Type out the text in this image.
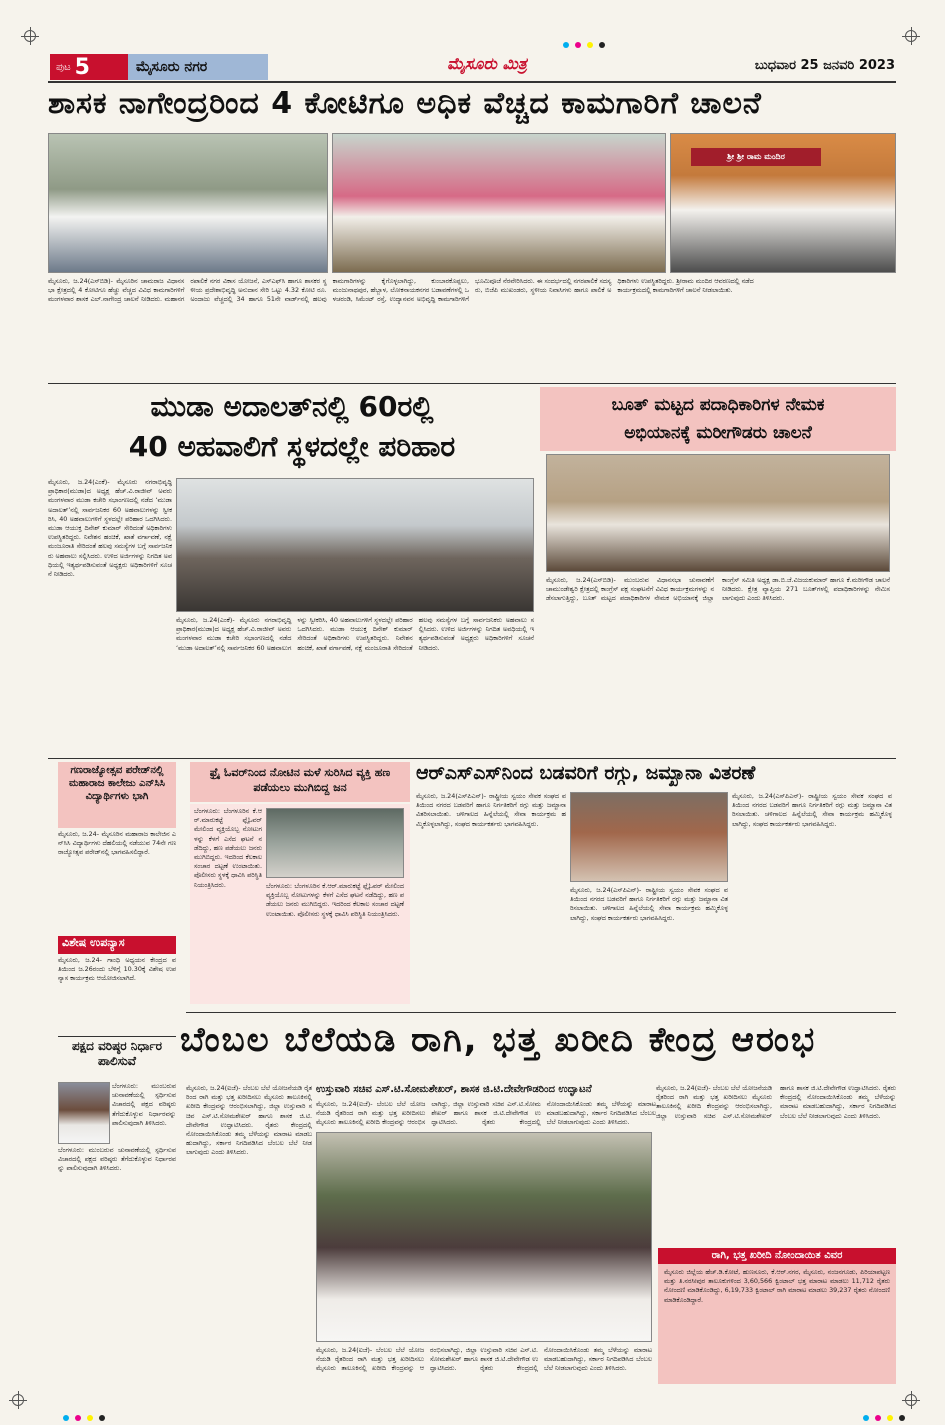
ಪುಟ 5	ಮೈಸೂರು ನಗರ	ಮೈಸೂರು ಮಿತ್ರ	ಬುಧವಾರ 25 ಜನವರಿ 2023
ಶಾಸಕ ನಾಗೇಂದ್ರರಿಂದ 4 ಕೋಟಿಗೂ ಅಧಿಕ ವೆಚ್ಚದ ಕಾಮಗಾರಿಗೆ ಚಾಲನೆ
ಶ್ರೀ ಶ್ರೀ ರಾಮ ಮಂದಿರ
ಮೈಸೂರು, ಜ.24(ಎಸ್‌ಬಿಡಿ)- ಮೈಸೂರಿನ ಚಾಮರಾಜ ವಿಧಾನಸಭಾ ಕ್ಷೇತ್ರದಲ್ಲಿ 4 ಕೋಟಿಗೂ ಹೆಚ್ಚು ವೆಚ್ಚದ ವಿವಿಧ ಕಾಮಗಾರಿಗಳಿಗೆ ಮಂಗಳವಾರ ಶಾಸಕ ಎಲ್.ನಾಗೇಂದ್ರ ಚಾಲನೆ ನೀಡಿದರು. ಮಹಾನಗರಪಾಲಿಕೆ ನಗರ ವಿಕಾಸ ಯೋಜನೆ, ಎಸ್‌ಎಫ್‌ಸಿ ಹಾಗೂ ಶಾಸಕರ ಸ್ಥಳೀಯ ಪ್ರದೇಶಾಭಿವೃದ್ಧಿ ಅನುದಾನ ಸೇರಿ ಒಟ್ಟು 4.32 ಕೋಟಿ ರೂ. ಅಂದಾಜು ವೆಚ್ಚದಲ್ಲಿ 34 ಹಾಗೂ 51ನೇ ವಾರ್ಡ್‌ನಲ್ಲಿ ಹಲವು ಕಾಮಗಾರಿಗಳನ್ನು ಕೈಗೊಳ್ಳಲಾಗಿದ್ದು, ಕುಂಬಾರಕೊಪ್ಪಲು, ಮಂಜುನಾಥಪುರ, ಹೆಬ್ಬಾಳ, ಲೋಕನಾಯಕನಗರ ಬಡಾವಣೆಗಳಲ್ಲಿ ಒಳಚರಂಡಿ, ಸಿಮೆಂಟ್ ರಸ್ತೆ, ಉದ್ಯಾನವನ ಅಭಿವೃದ್ಧಿ ಕಾಮಗಾರಿಗಳಿಗೆ ಭೂಮಿಪೂಜೆ ನೆರವೇರಿಸಿದರು. ಈ ಸಂದರ್ಭದಲ್ಲಿ ನಗರಪಾಲಿಕೆ ಸದಸ್ಯರು, ಬಿಜೆಪಿ ಮುಖಂಡರು, ಸ್ಥಳೀಯ ನಿವಾಸಿಗಳು ಹಾಗೂ ಪಾಲಿಕೆ ಅಧಿಕಾರಿಗಳು ಉಪಸ್ಥಿತರಿದ್ದರು. ಶ್ರೀರಾಮ ಮಂದಿರ ಆವರಣದಲ್ಲಿ ನಡೆದ ಕಾರ್ಯಕ್ರಮದಲ್ಲಿ ಕಾಮಗಾರಿಗಳಿಗೆ ಚಾಲನೆ ನೀಡಲಾಯಿತು.
ಮುಡಾ ಅದಾಲತ್‌ನಲ್ಲಿ 60ರಲ್ಲಿ
40 ಅಹವಾಲಿಗೆ ಸ್ಥಳದಲ್ಲೇ ಪರಿಹಾರ
ಮೈಸೂರು, ಜ.24(ಎಂಕೆ)- ಮೈಸೂರು ನಗರಾಭಿವೃದ್ಧಿ ಪ್ರಾಧಿಕಾರ(ಮುಡಾ)ದ ಅಧ್ಯಕ್ಷ ಹೆಚ್.ವಿ.ರಾಜೀವ್ ಅವರು ಮಂಗಳವಾರ ಮುಡಾ ಕಚೇರಿ ಸಭಾಂಗಣದಲ್ಲಿ ನಡೆದ ‘ಮುಡಾ ಅದಾಲತ್’ನಲ್ಲಿ ಸಾರ್ವಜನಿಕರ 60 ಅಹವಾಲುಗಳನ್ನು ಸ್ವೀಕರಿಸಿ, 40 ಅಹವಾಲುಗಳಿಗೆ ಸ್ಥಳದಲ್ಲೇ ಪರಿಹಾರ ಒದಗಿಸಿದರು. ಮುಡಾ ಆಯುಕ್ತ ದಿನೇಶ್ ಕುಮಾರ್ ಸೇರಿದಂತೆ ಅಧಿಕಾರಿಗಳು ಉಪಸ್ಥಿತರಿದ್ದರು. ನಿವೇಶನ ಹಂಚಿಕೆ, ಖಾತೆ ವರ್ಗಾವಣೆ, ನಕ್ಷೆ ಮಂಜೂರಾತಿ ಸೇರಿದಂತೆ ಹಲವು ಸಮಸ್ಯೆಗಳ ಬಗ್ಗೆ ಸಾರ್ವಜನಿಕರು ಅಹವಾಲು ಸಲ್ಲಿಸಿದರು. ಉಳಿದ ಅರ್ಜಿಗಳನ್ನು ನಿಗದಿತ ಅವಧಿಯಲ್ಲಿ ಇತ್ಯರ್ಥಪಡಿಸುವಂತೆ ಅಧ್ಯಕ್ಷರು ಅಧಿಕಾರಿಗಳಿಗೆ ಸೂಚನೆ ನೀಡಿದರು.
ಮೈಸೂರು, ಜ.24(ಎಂಕೆ)- ಮೈಸೂರು ನಗರಾಭಿವೃದ್ಧಿ ಪ್ರಾಧಿಕಾರ(ಮುಡಾ)ದ ಅಧ್ಯಕ್ಷ ಹೆಚ್.ವಿ.ರಾಜೀವ್ ಅವರು ಮಂಗಳವಾರ ಮುಡಾ ಕಚೇರಿ ಸಭಾಂಗಣದಲ್ಲಿ ನಡೆದ ‘ಮುಡಾ ಅದಾಲತ್’ನಲ್ಲಿ ಸಾರ್ವಜನಿಕರ 60 ಅಹವಾಲುಗಳನ್ನು ಸ್ವೀಕರಿಸಿ, 40 ಅಹವಾಲುಗಳಿಗೆ ಸ್ಥಳದಲ್ಲೇ ಪರಿಹಾರ ಒದಗಿಸಿದರು. ಮುಡಾ ಆಯುಕ್ತ ದಿನೇಶ್ ಕುಮಾರ್ ಸೇರಿದಂತೆ ಅಧಿಕಾರಿಗಳು ಉಪಸ್ಥಿತರಿದ್ದರು. ನಿವೇಶನ ಹಂಚಿಕೆ, ಖಾತೆ ವರ್ಗಾವಣೆ, ನಕ್ಷೆ ಮಂಜೂರಾತಿ ಸೇರಿದಂತೆ ಹಲವು ಸಮಸ್ಯೆಗಳ ಬಗ್ಗೆ ಸಾರ್ವಜನಿಕರು ಅಹವಾಲು ಸಲ್ಲಿಸಿದರು. ಉಳಿದ ಅರ್ಜಿಗಳನ್ನು ನಿಗದಿತ ಅವಧಿಯಲ್ಲಿ ಇತ್ಯರ್ಥಪಡಿಸುವಂತೆ ಅಧ್ಯಕ್ಷರು ಅಧಿಕಾರಿಗಳಿಗೆ ಸೂಚನೆ ನೀಡಿದರು.
ಬೂತ್ ಮಟ್ಟದ ಪದಾಧಿಕಾರಿಗಳ ನೇಮಕ
ಅಭಿಯಾನಕ್ಕೆ ಮರೀಗೌಡರು ಚಾಲನೆ
ಮೈಸೂರು, ಜ.24(ಎಸ್‌ಬಿಡಿ)- ಮುಂಬರುವ ವಿಧಾನಸಭಾ ಚುನಾವಣೆಗೆ ಚಾಮುಂಡೇಶ್ವರಿ ಕ್ಷೇತ್ರದಲ್ಲಿ ಕಾಂಗ್ರೆಸ್ ಪಕ್ಷ ಸಂಘಟನೆಗೆ ವಿವಿಧ ಕಾರ್ಯಕ್ರಮಗಳನ್ನು ನಡೆಸಲಾಗುತ್ತಿದ್ದು, ಬೂತ್ ಮಟ್ಟದ ಪದಾಧಿಕಾರಿಗಳ ನೇಮಕ ಅಭಿಯಾನಕ್ಕೆ ಜಿಲ್ಲಾ ಕಾಂಗ್ರೆಸ್ ಸಮಿತಿ ಅಧ್ಯಕ್ಷ ಡಾ.ಬಿ.ಜೆ.ವಿಜಯಕುಮಾರ್ ಹಾಗೂ ಕೆ.ಮರೀಗೌಡ ಚಾಲನೆ ನೀಡಿದರು. ಕ್ಷೇತ್ರ ವ್ಯಾಪ್ತಿಯ 271 ಬೂತ್‌ಗಳಲ್ಲಿ ಪದಾಧಿಕಾರಿಗಳನ್ನು ನೇಮಿಸಲಾಗುವುದು ಎಂದು ತಿಳಿಸಿದರು.
ಗಣರಾಜ್ಯೋತ್ಸವ ಪರೇಡ್‌ನಲ್ಲಿ ಮಹಾರಾಜ ಕಾಲೇಜು ಎನ್‌ಸಿಸಿ ವಿದ್ಯಾರ್ಥಿಗಳು ಭಾಗಿ
ಮೈಸೂರು, ಜ.24- ಮೈಸೂರಿನ ಮಹಾರಾಜ ಕಾಲೇಜಿನ ಎನ್‌ಸಿಸಿ ವಿದ್ಯಾರ್ಥಿಗಳು ದೆಹಲಿಯಲ್ಲಿ ನಡೆಯುವ 74ನೇ ಗಣರಾಜ್ಯೋತ್ಸವ ಪರೇಡ್‌ನಲ್ಲಿ ಭಾಗವಹಿಸಲಿದ್ದಾರೆ.
ವಿಶೇಷ ಉಪನ್ಯಾಸ
ಮೈಸೂರು, ಜ.24- ಗಾಂಧಿ ಅಧ್ಯಯನ ಕೇಂದ್ರದ ವತಿಯಿಂದ ಜ.26ರಂದು ಬೆಳಿಗ್ಗೆ 10.30ಕ್ಕೆ ವಿಶೇಷ ಉಪನ್ಯಾಸ ಕಾರ್ಯಕ್ರಮ ಆಯೋಜಿಸಲಾಗಿದೆ.
ಪಕ್ಷದ ವರಿಷ್ಠರ ನಿರ್ಧಾರ ಪಾಲಿಸುವೆ
ಬೆಂಗಳೂರು: ಮುಂಬರುವ ಚುನಾವಣೆಯಲ್ಲಿ ಸ್ಪರ್ಧಿಸುವ ವಿಚಾರದಲ್ಲಿ ಪಕ್ಷದ ವರಿಷ್ಠರು ತೆಗೆದುಕೊಳ್ಳುವ ನಿರ್ಧಾರವನ್ನು ಪಾಲಿಸುವುದಾಗಿ ತಿಳಿಸಿದರು.
ಬೆಂಗಳೂರು: ಮುಂಬರುವ ಚುನಾವಣೆಯಲ್ಲಿ ಸ್ಪರ್ಧಿಸುವ ವಿಚಾರದಲ್ಲಿ ಪಕ್ಷದ ವರಿಷ್ಠರು ತೆಗೆದುಕೊಳ್ಳುವ ನಿರ್ಧಾರವನ್ನು ಪಾಲಿಸುವುದಾಗಿ ತಿಳಿಸಿದರು.
ಫ್ರೈ ಓವರ್‌ನಿಂದ ನೋಟಿನ ಮಳೆ ಸುರಿಸಿದ ವ್ಯಕ್ತಿ ಹಣ ಪಡೆಯಲು ಮುಗಿಬಿದ್ದ ಜನ
ಬೆಂಗಳೂರು: ಬೆಂಗಳೂರಿನ ಕೆ.ಆರ್.ಮಾರುಕಟ್ಟೆ ಫ್ಲೈಓವರ್ ಮೇಲಿಂದ ವ್ಯಕ್ತಿಯೊಬ್ಬ ನೋಟುಗಳನ್ನು ಕೆಳಗೆ ಎಸೆದ ಘಟನೆ ನಡೆದಿದ್ದು, ಹಣ ಪಡೆಯಲು ಜನರು ಮುಗಿಬಿದ್ದರು. ಇದರಿಂದ ಕೆಲಕಾಲ ಸಂಚಾರ ದಟ್ಟಣೆ ಉಂಟಾಯಿತು. ಪೊಲೀಸರು ಸ್ಥಳಕ್ಕೆ ಧಾವಿಸಿ ಪರಿಸ್ಥಿತಿ ನಿಯಂತ್ರಿಸಿದರು.	ಬೆಂಗಳೂರು: ಬೆಂಗಳೂರಿನ ಕೆ.ಆರ್.ಮಾರುಕಟ್ಟೆ ಫ್ಲೈಓವರ್ ಮೇಲಿಂದ ವ್ಯಕ್ತಿಯೊಬ್ಬ ನೋಟುಗಳನ್ನು ಕೆಳಗೆ ಎಸೆದ ಘಟನೆ ನಡೆದಿದ್ದು, ಹಣ ಪಡೆಯಲು ಜನರು ಮುಗಿಬಿದ್ದರು. ಇದರಿಂದ ಕೆಲಕಾಲ ಸಂಚಾರ ದಟ್ಟಣೆ ಉಂಟಾಯಿತು. ಪೊಲೀಸರು ಸ್ಥಳಕ್ಕೆ ಧಾವಿಸಿ ಪರಿಸ್ಥಿತಿ ನಿಯಂತ್ರಿಸಿದರು.
ಆರ್‌ಎಸ್‌ಎಸ್‌ನಿಂದ ಬಡವರಿಗೆ ರಗ್ಗು, ಜಮ್ಖಾನಾ ವಿತರಣೆ
ಮೈಸೂರು, ಜ.24(ಎಸ್‌ಪಿಎನ್)- ರಾಷ್ಟ್ರೀಯ ಸ್ವಯಂ ಸೇವಕ ಸಂಘದ ವತಿಯಿಂದ ನಗರದ ಬಡವರಿಗೆ ಹಾಗೂ ನಿರ್ಗತಿಕರಿಗೆ ರಗ್ಗು ಮತ್ತು ಜಮ್ಖಾನಾ ವಿತರಿಸಲಾಯಿತು. ಚಳಿಗಾಲದ ಹಿನ್ನೆಲೆಯಲ್ಲಿ ಸೇವಾ ಕಾರ್ಯಕ್ರಮ ಹಮ್ಮಿಕೊಳ್ಳಲಾಗಿದ್ದು, ಸಂಘದ ಕಾರ್ಯಕರ್ತರು ಭಾಗವಹಿಸಿದ್ದರು.
ಮೈಸೂರು, ಜ.24(ಎಸ್‌ಪಿಎನ್)- ರಾಷ್ಟ್ರೀಯ ಸ್ವಯಂ ಸೇವಕ ಸಂಘದ ವತಿಯಿಂದ ನಗರದ ಬಡವರಿಗೆ ಹಾಗೂ ನಿರ್ಗತಿಕರಿಗೆ ರಗ್ಗು ಮತ್ತು ಜಮ್ಖಾನಾ ವಿತರಿಸಲಾಯಿತು. ಚಳಿಗಾಲದ ಹಿನ್ನೆಲೆಯಲ್ಲಿ ಸೇವಾ ಕಾರ್ಯಕ್ರಮ ಹಮ್ಮಿಕೊಳ್ಳಲಾಗಿದ್ದು, ಸಂಘದ ಕಾರ್ಯಕರ್ತರು ಭಾಗವಹಿಸಿದ್ದರು.
ಮೈಸೂರು, ಜ.24(ಎಸ್‌ಪಿಎನ್)- ರಾಷ್ಟ್ರೀಯ ಸ್ವಯಂ ಸೇವಕ ಸಂಘದ ವತಿಯಿಂದ ನಗರದ ಬಡವರಿಗೆ ಹಾಗೂ ನಿರ್ಗತಿಕರಿಗೆ ರಗ್ಗು ಮತ್ತು ಜಮ್ಖಾನಾ ವಿತರಿಸಲಾಯಿತು. ಚಳಿಗಾಲದ ಹಿನ್ನೆಲೆಯಲ್ಲಿ ಸೇವಾ ಕಾರ್ಯಕ್ರಮ ಹಮ್ಮಿಕೊಳ್ಳಲಾಗಿದ್ದು, ಸಂಘದ ಕಾರ್ಯಕರ್ತರು ಭಾಗವಹಿಸಿದ್ದರು.
ಬೆಂಬಲ ಬೆಲೆಯಡಿ ರಾಗಿ, ಭತ್ತ ಖರೀದಿ ಕೇಂದ್ರ ಆರಂಭ
ಮೈಸೂರು, ಜ.24(ಐಜೆ)- ಬೆಂಬಲ ಬೆಲೆ ಯೋಜನೆಯಡಿ ರೈತರಿಂದ ರಾಗಿ ಮತ್ತು ಭತ್ತ ಖರೀದಿಸಲು ಮೈಸೂರು ತಾಲೂಕಿನಲ್ಲಿ ಖರೀದಿ ಕೇಂದ್ರವನ್ನು ಆರಂಭಿಸಲಾಗಿದ್ದು, ಜಿಲ್ಲಾ ಉಸ್ತುವಾರಿ ಸಚಿವ ಎಸ್.ಟಿ.ಸೋಮಶೇಖರ್ ಹಾಗೂ ಶಾಸಕ ಜಿ.ಟಿ.ದೇವೇಗೌಡ ಉದ್ಘಾಟಿಸಿದರು. ರೈತರು ಕೇಂದ್ರದಲ್ಲಿ ನೋಂದಾಯಿಸಿಕೊಂಡು ತಮ್ಮ ಬೆಳೆಯನ್ನು ಮಾರಾಟ ಮಾಡಬಹುದಾಗಿದ್ದು, ಸರ್ಕಾರ ನಿಗದಿಪಡಿಸಿದ ಬೆಂಬಲ ಬೆಲೆ ನೀಡಲಾಗುವುದು ಎಂದು ತಿಳಿಸಿದರು.
ಉಸ್ತುವಾರಿ ಸಚಿವ ಎಸ್.ಟಿ.ಸೋಮಶೇಖರ್, ಶಾಸಕ ಜಿ.ಟಿ.ದೇವೇಗೌಡರಿಂದ ಉದ್ಘಾಟನೆ
ಮೈಸೂರು, ಜ.24(ಐಜೆ)- ಬೆಂಬಲ ಬೆಲೆ ಯೋಜನೆಯಡಿ ರೈತರಿಂದ ರಾಗಿ ಮತ್ತು ಭತ್ತ ಖರೀದಿಸಲು ಮೈಸೂರು ತಾಲೂಕಿನಲ್ಲಿ ಖರೀದಿ ಕೇಂದ್ರವನ್ನು ಆರಂಭಿಸಲಾಗಿದ್ದು, ಜಿಲ್ಲಾ ಉಸ್ತುವಾರಿ ಸಚಿವ ಎಸ್.ಟಿ.ಸೋಮಶೇಖರ್ ಹಾಗೂ ಶಾಸಕ ಜಿ.ಟಿ.ದೇವೇಗೌಡ ಉದ್ಘಾಟಿಸಿದರು. ರೈತರು ಕೇಂದ್ರದಲ್ಲಿ ನೋಂದಾಯಿಸಿಕೊಂಡು ತಮ್ಮ ಬೆಳೆಯನ್ನು ಮಾರಾಟ ಮಾಡಬಹುದಾಗಿದ್ದು, ಸರ್ಕಾರ ನಿಗದಿಪಡಿಸಿದ ಬೆಂಬಲ ಬೆಲೆ ನೀಡಲಾಗುವುದು ಎಂದು ತಿಳಿಸಿದರು.
ಮೈಸೂರು, ಜ.24(ಐಜೆ)- ಬೆಂಬಲ ಬೆಲೆ ಯೋಜನೆಯಡಿ ರೈತರಿಂದ ರಾಗಿ ಮತ್ತು ಭತ್ತ ಖರೀದಿಸಲು ಮೈಸೂರು ತಾಲೂಕಿನಲ್ಲಿ ಖರೀದಿ ಕೇಂದ್ರವನ್ನು ಆರಂಭಿಸಲಾಗಿದ್ದು, ಜಿಲ್ಲಾ ಉಸ್ತುವಾರಿ ಸಚಿವ ಎಸ್.ಟಿ.ಸೋಮಶೇಖರ್ ಹಾಗೂ ಶಾಸಕ ಜಿ.ಟಿ.ದೇವೇಗೌಡ ಉದ್ಘಾಟಿಸಿದರು. ರೈತರು ಕೇಂದ್ರದಲ್ಲಿ ನೋಂದಾಯಿಸಿಕೊಂಡು ತಮ್ಮ ಬೆಳೆಯನ್ನು ಮಾರಾಟ ಮಾಡಬಹುದಾಗಿದ್ದು, ಸರ್ಕಾರ ನಿಗದಿಪಡಿಸಿದ ಬೆಂಬಲ ಬೆಲೆ ನೀಡಲಾಗುವುದು ಎಂದು ತಿಳಿಸಿದರು.
ಮೈಸೂರು, ಜ.24(ಐಜೆ)- ಬೆಂಬಲ ಬೆಲೆ ಯೋಜನೆಯಡಿ ರೈತರಿಂದ ರಾಗಿ ಮತ್ತು ಭತ್ತ ಖರೀದಿಸಲು ಮೈಸೂರು ತಾಲೂಕಿನಲ್ಲಿ ಖರೀದಿ ಕೇಂದ್ರವನ್ನು ಆರಂಭಿಸಲಾಗಿದ್ದು, ಜಿಲ್ಲಾ ಉಸ್ತುವಾರಿ ಸಚಿವ ಎಸ್.ಟಿ.ಸೋಮಶೇಖರ್ ಹಾಗೂ ಶಾಸಕ ಜಿ.ಟಿ.ದೇವೇಗೌಡ ಉದ್ಘಾಟಿಸಿದರು. ರೈತರು ಕೇಂದ್ರದಲ್ಲಿ ನೋಂದಾಯಿಸಿಕೊಂಡು ತಮ್ಮ ಬೆಳೆಯನ್ನು ಮಾರಾಟ ಮಾಡಬಹುದಾಗಿದ್ದು, ಸರ್ಕಾರ ನಿಗದಿಪಡಿಸಿದ ಬೆಂಬಲ ಬೆಲೆ ನೀಡಲಾಗುವುದು ಎಂದು ತಿಳಿಸಿದರು.
ರಾಗಿ, ಭತ್ತ ಖರೀದಿ ನೋಂದಾಯಿತ ವಿವರ
ಮೈಸೂರು ಜಿಲ್ಲೆಯ ಹೆಚ್.ಡಿ.ಕೋಟೆ, ಹುಣಸೂರು, ಕೆ.ಆರ್.ನಗರ, ಮೈಸೂರು, ನಂಜನಗೂಡು, ಪಿರಿಯಾಪಟ್ಟಣ ಮತ್ತು ತಿ.ನರಸೀಪುರ ತಾಲೂಕುಗಳಿಂದ 3,60,566 ಕ್ವಿಂಟಾಲ್ ಭತ್ತ ಮಾರಾಟ ಮಾಡಲು 11,712 ರೈತರು ನೋಂದಣಿ ಮಾಡಿಕೊಂಡಿದ್ದು, 6,19,733 ಕ್ವಿಂಟಾಲ್ ರಾಗಿ ಮಾರಾಟ ಮಾಡಲು 39,237 ರೈತರು ನೋಂದಣಿ ಮಾಡಿಕೊಂಡಿದ್ದಾರೆ.
